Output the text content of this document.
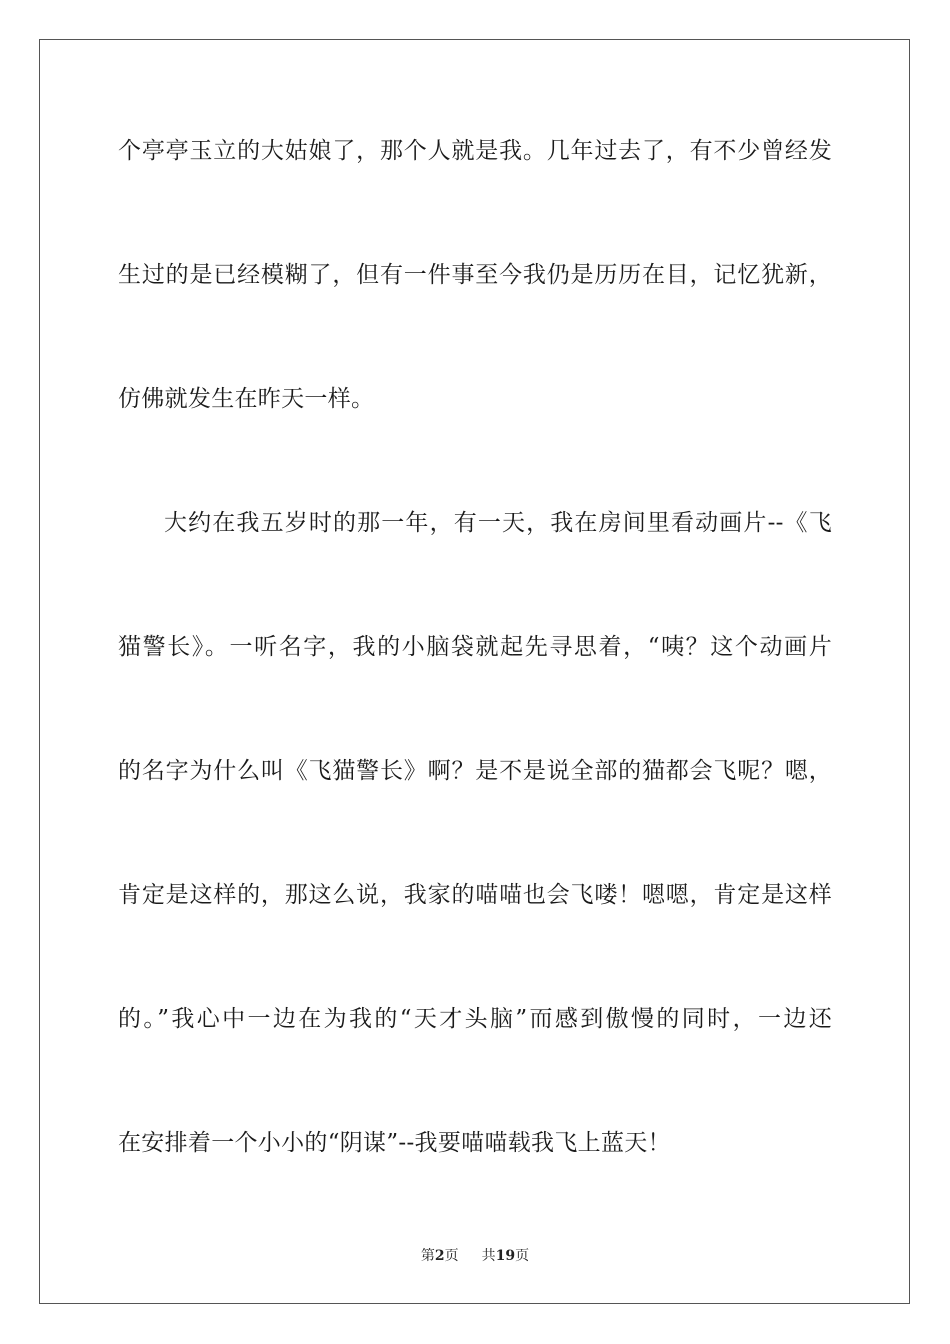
个亭亭玉立的大姑娘了，那个人就是我。几年过去了，有不少曾经发
生过的是已经模糊了，但有一件事至今我仍是历历在目，记忆犹新，
仿佛就发生在昨天一样。
大约在我五岁时的那一年，有一天，我在房间里看动画片--《飞
猫警长》。一听名字，我的小脑袋就起先寻思着，“咦？这个动画片
的名字为什么叫《飞猫警长》啊？是不是说全部的猫都会飞呢？嗯，
肯定是这样的，那这么说，我家的喵喵也会飞喽！嗯嗯，肯定是这样
的。”我心中一边在为我的“天才头脑”而感到傲慢的同时，一边还
在安排着一个小小的“阴谋”--我要喵喵载我飞上蓝天！
第2页 共19页
